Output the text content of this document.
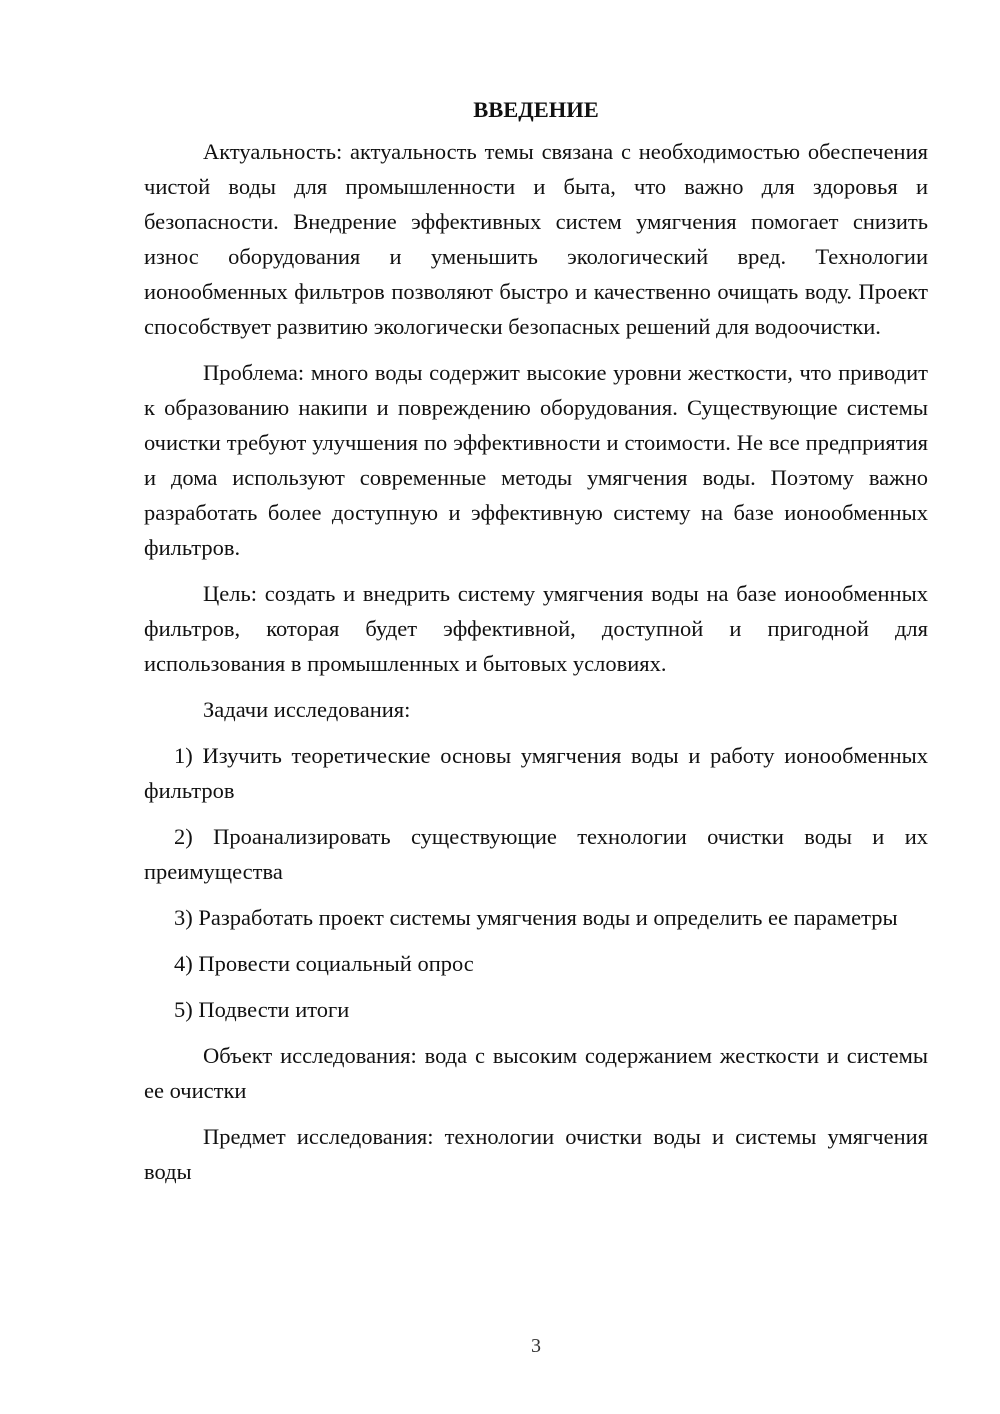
ВВЕДЕНИЕ

Актуальность: актуальность темы связана с необходимостью обеспечения чистой воды для промышленности и быта, что важно для здоровья и безопасности. Внедрение эффективных систем умягчения помогает снизить износ оборудования и уменьшить экологический вред. Технологии ионообменных фильтров позволяют быстро и качественно очищать воду. Проект способствует развитию экологически безопасных решений для водоочистки.

Проблема: много воды содержит высокие уровни жесткости, что приводит к образованию накипи и повреждению оборудования. Существующие системы очистки требуют улучшения по эффективности и стоимости. Не все предприятия и дома используют современные методы умягчения воды. Поэтому важно разработать более доступную и эффективную систему на базе ионообменных фильтров.

Цель: создать и внедрить систему умягчения воды на базе ионообменных фильтров, которая будет эффективной, доступной и пригодной для использования в промышленных и бытовых условиях.

Задачи исследования:

1) Изучить теоретические основы умягчения воды и работу ионообменных фильтров

2) Проанализировать существующие технологии очистки воды и их преимущества

3) Разработать проект системы умягчения воды и определить ее параметры

4) Провести социальный опрос

5) Подвести итоги

Объект исследования: вода с высоким содержанием жесткости и системы ее очистки

Предмет исследования: технологии очистки воды и системы умягчения воды

3
